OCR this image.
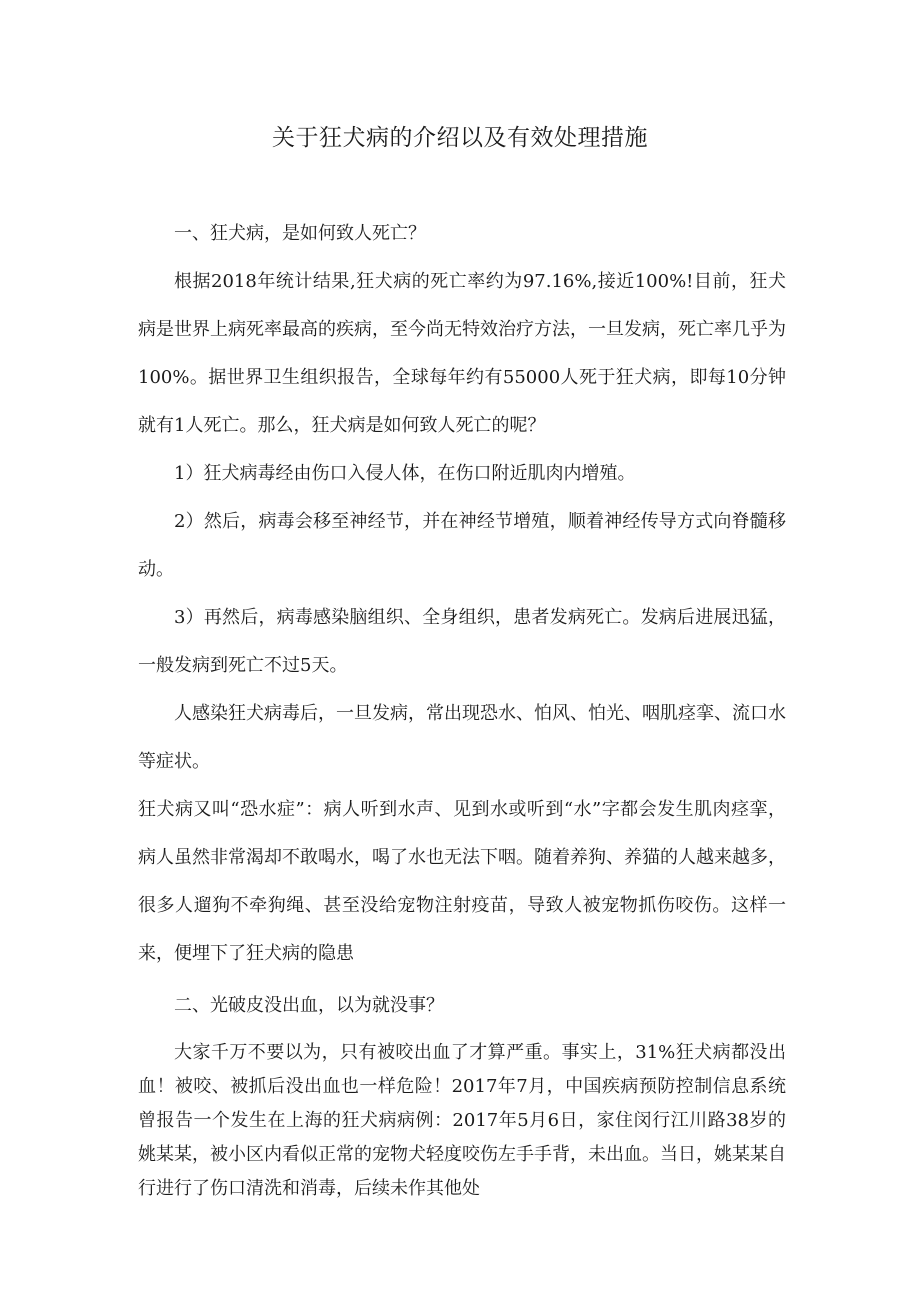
关于狂犬病的介绍以及有效处理措施

一、狂犬病，是如何致人死亡？

根据2018年统计结果,狂犬病的死亡率约为97.16%,接近100%!目前，狂犬病是世界上病死率最高的疾病，至今尚无特效治疗方法，一旦发病，死亡率几乎为100%。据世界卫生组织报告，全球每年约有55000人死于狂犬病，即每10分钟就有1人死亡。那么，狂犬病是如何致人死亡的呢？

1）狂犬病毒经由伤口入侵人体，在伤口附近肌肉内增殖。

2）然后，病毒会移至神经节，并在神经节增殖，顺着神经传导方式向脊髓移动。

3）再然后，病毒感染脑组织、全身组织，患者发病死亡。发病后进展迅猛，一般发病到死亡不过5天。

人感染狂犬病毒后，一旦发病，常出现恐水、怕风、怕光、咽肌痉挛、流口水等症状。

狂犬病又叫“恐水症”：病人听到水声、见到水或听到“水”字都会发生肌肉痉挛，病人虽然非常渴却不敢喝水，喝了水也无法下咽。随着养狗、养猫的人越来越多，很多人遛狗不牵狗绳、甚至没给宠物注射疫苗，导致人被宠物抓伤咬伤。这样一来，便埋下了狂犬病的隐患

二、光破皮没出血，以为就没事？

大家千万不要以为，只有被咬出血了才算严重。事实上，31%狂犬病都没出血！被咬、被抓后没出血也一样危险！2017年7月，中国疾病预防控制信息系统曾报告一个发生在上海的狂犬病病例：2017年5月6日，家住闵行江川路38岁的姚某某，被小区内看似正常的宠物犬轻度咬伤左手手背，未出血。当日，姚某某自行进行了伤口清洗和消毒，后续未作其他处
